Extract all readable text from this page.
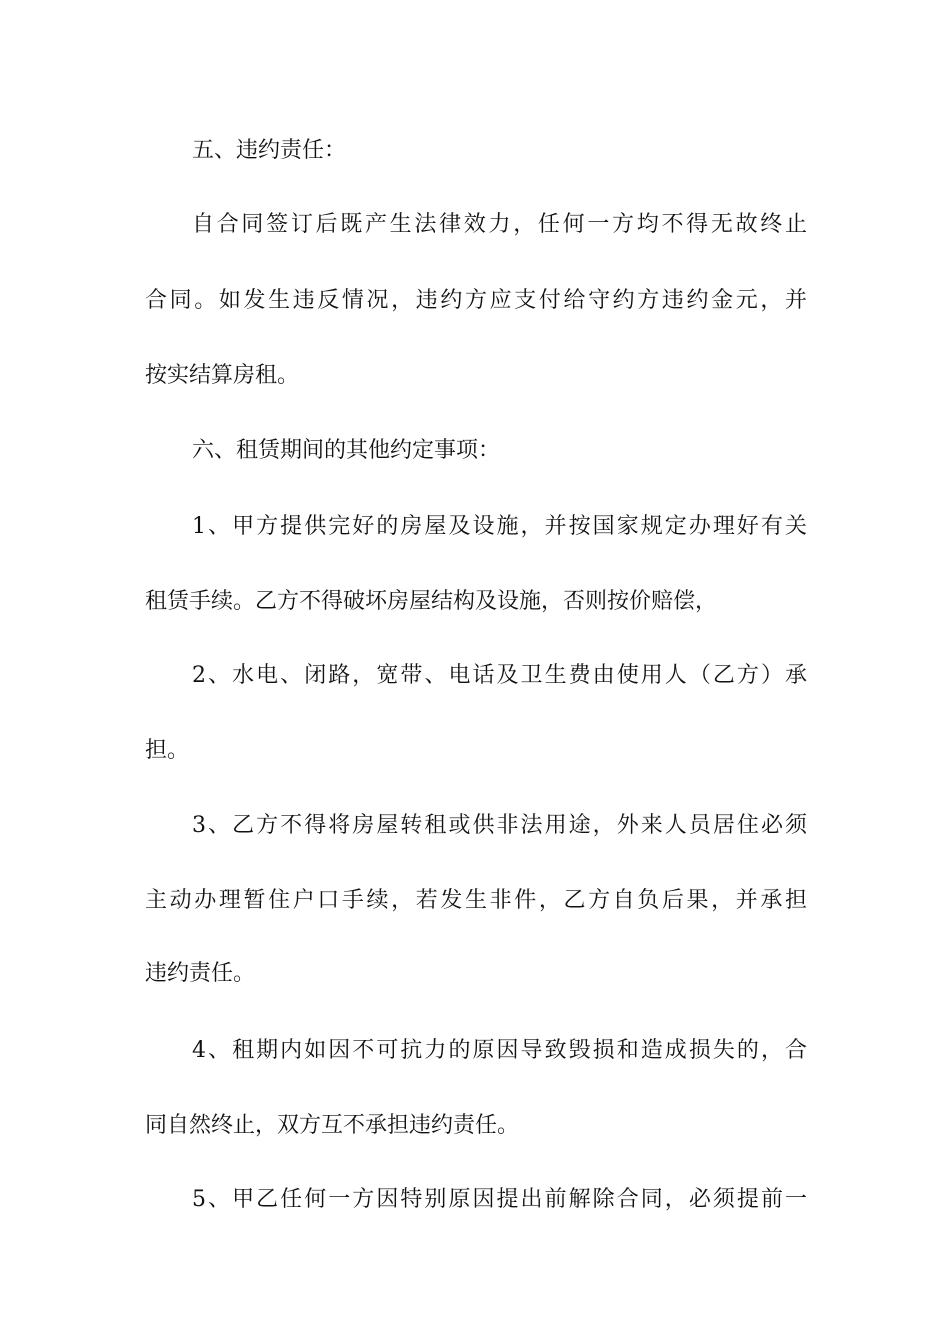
五、违约责任：
自合同签订后既产生法律效力，任何一方均不得无故终止
合同。如发生违反情况，违约方应支付给守约方违约金元，并
按实结算房租。
六、租赁期间的其他约定事项：
1、甲方提供完好的房屋及设施，并按国家规定办理好有关
租赁手续。乙方不得破坏房屋结构及设施，否则按价赔偿，
2、水电、闭路，宽带、电话及卫生费由使用人（乙方）承
担。
3、乙方不得将房屋转租或供非法用途，外来人员居住必须
主动办理暂住户口手续，若发生非件，乙方自负后果，并承担
违约责任。
4、租期内如因不可抗力的原因导致毁损和造成损失的，合
同自然终止，双方互不承担违约责任。
5、甲乙任何一方因特别原因提出前解除合同，必须提前一
